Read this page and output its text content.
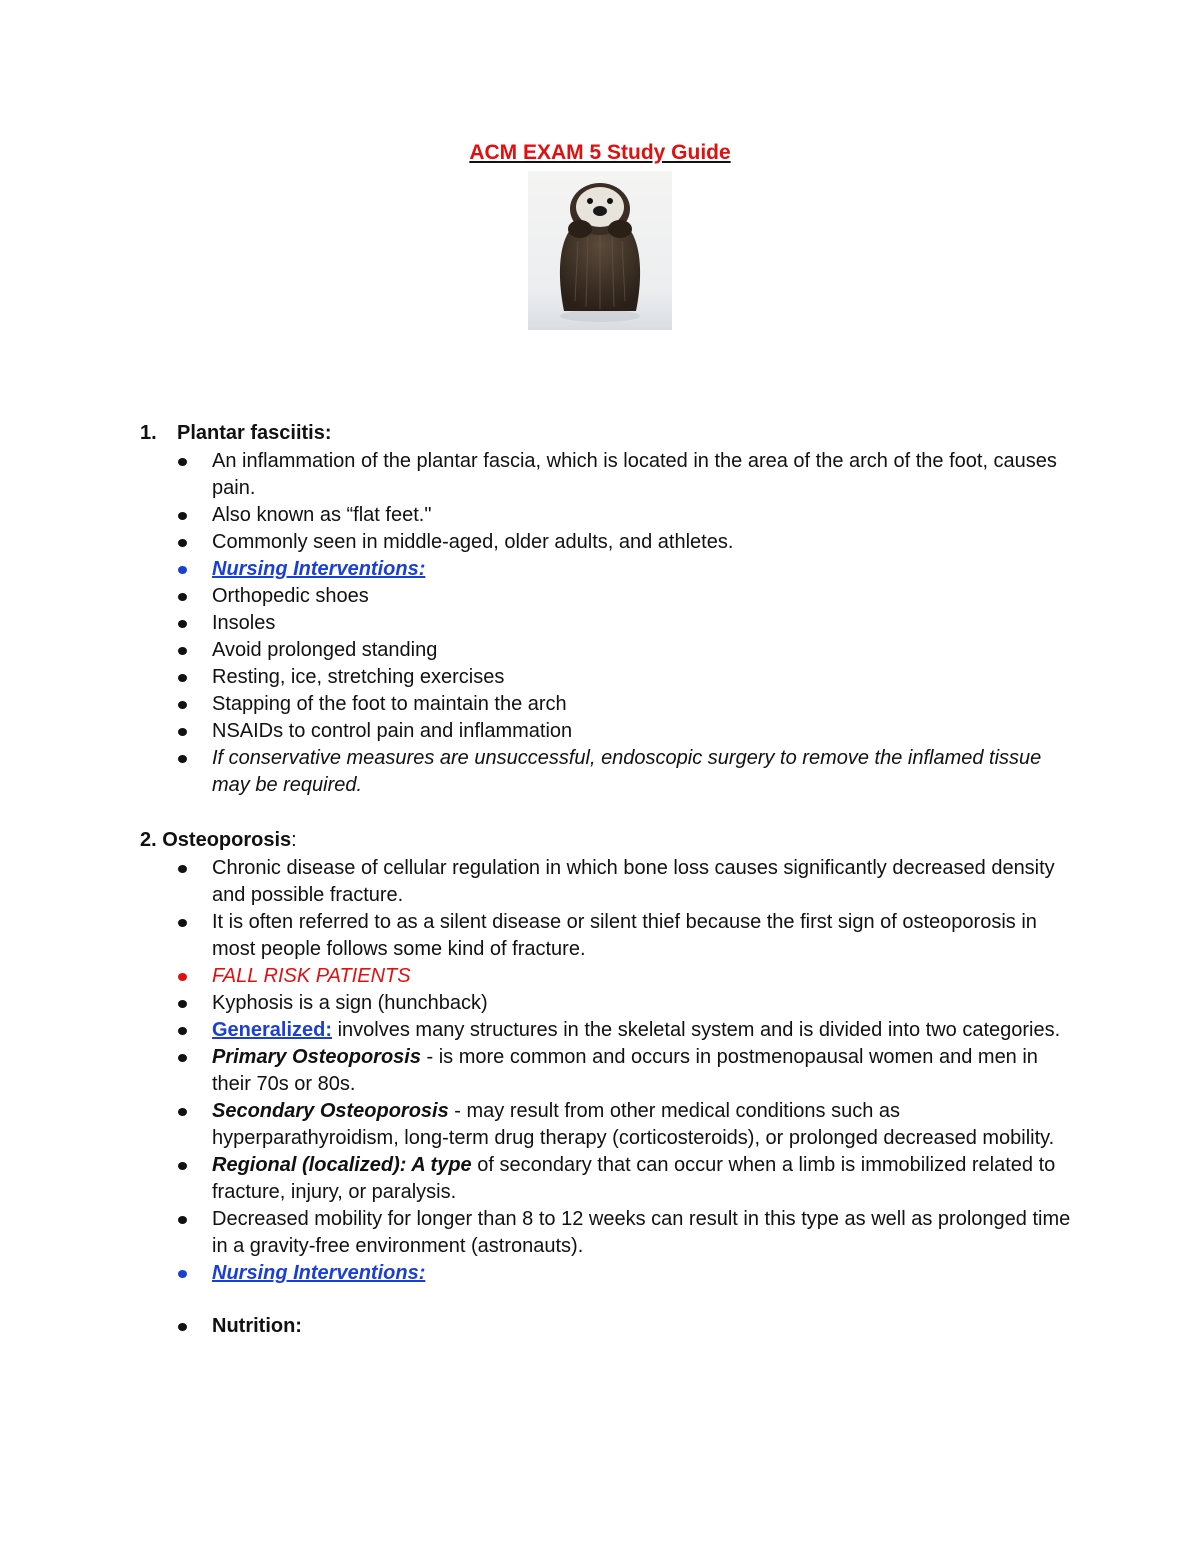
ACM EXAM 5 Study Guide
1. Plantar fasciitis:
An inflammation of the plantar fascia, which is located in the area of the arch of the foot, causes pain.
Also known as “flat feet."
Commonly seen in middle-aged, older adults, and athletes.
Nursing Interventions:
Orthopedic shoes
Insoles
Avoid prolonged standing
Resting, ice, stretching exercises
Stapping of the foot to maintain the arch
NSAIDs to control pain and inflammation
If conservative measures are unsuccessful, endoscopic surgery to remove the inflamed tissue may be required.
2. Osteoporosis:
Chronic disease of cellular regulation in which bone loss causes significantly decreased density and possible fracture.
It is often referred to as a silent disease or silent thief because the first sign of osteoporosis in most people follows some kind of fracture.
FALL RISK PATIENTS
Kyphosis is a sign (hunchback)
Generalized: involves many structures in the skeletal system and is divided into two categories.
Primary Osteoporosis - is more common and occurs in postmenopausal women and men in their 70s or 80s.
Secondary Osteoporosis - may result from other medical conditions such as hyperparathyroidism, long-term drug therapy (corticosteroids), or prolonged decreased mobility.
Regional (localized): A type of secondary that can occur when a limb is immobilized related to fracture, injury, or paralysis.
Decreased mobility for longer than 8 to 12 weeks can result in this type as well as prolonged time in a gravity-free environment (astronauts).
Nursing Interventions:
Nutrition:
